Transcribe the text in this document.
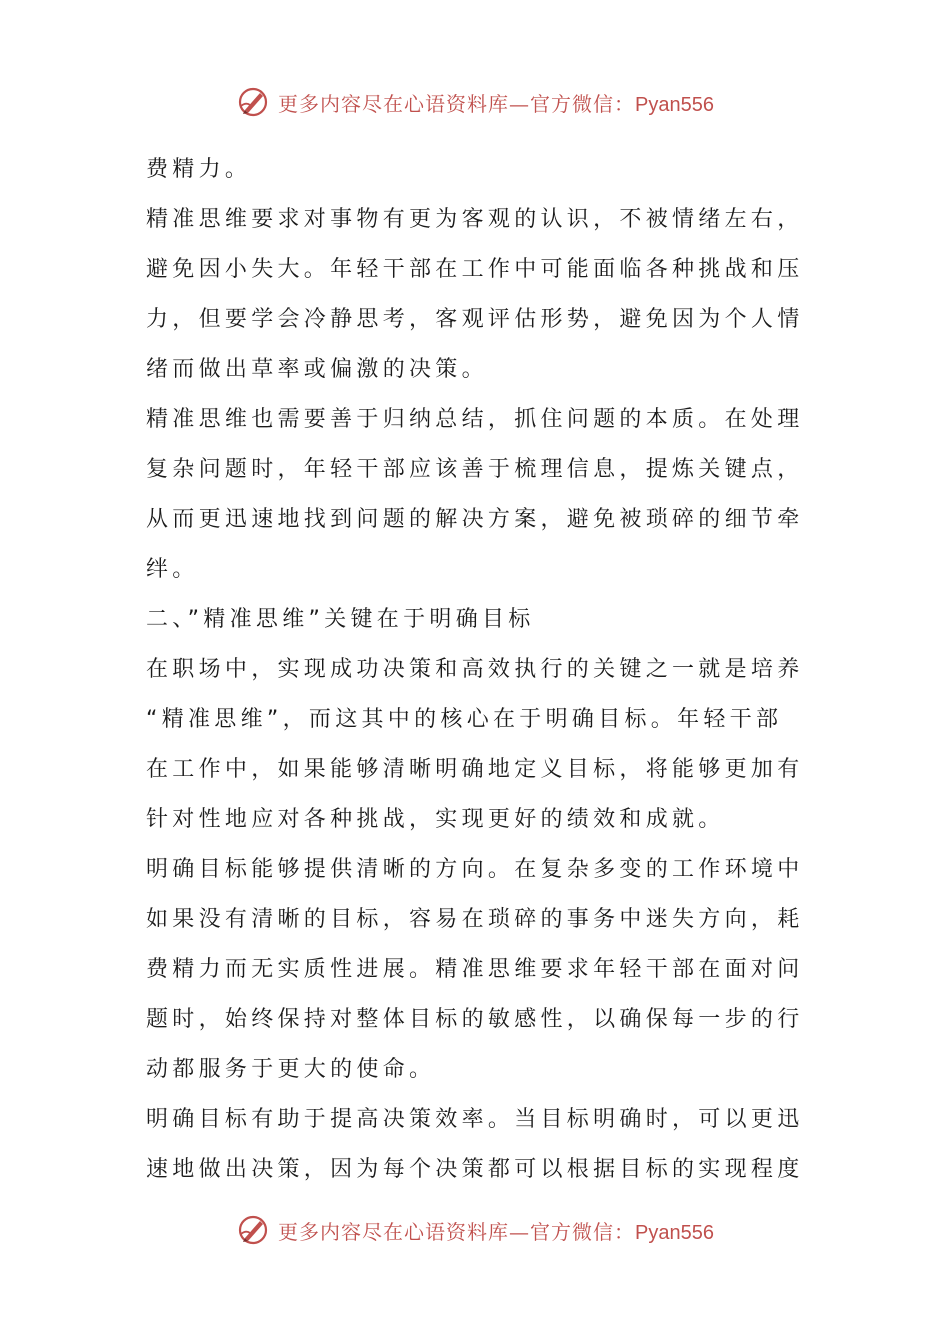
更多内容尽在心语资料库—官方微信：Pyan556
费精力。
精准思维要求对事物有更为客观的认识，不被情绪左右，
避免因小失大。年轻干部在工作中可能面临各种挑战和压
力，但要学会冷静思考，客观评估形势，避免因为个人情
绪而做出草率或偏激的决策。
精准思维也需要善于归纳总结，抓住问题的本质。在处理
复杂问题时，年轻干部应该善于梳理信息，提炼关键点，
从而更迅速地找到问题的解决方案，避免被琐碎的细节牵
绊。
二、”精准思维”关键在于明确目标
在职场中，实现成功决策和高效执行的关键之一就是培养
“精准思维”，而这其中的核心在于明确目标。年轻干部
在工作中，如果能够清晰明确地定义目标，将能够更加有
针对性地应对各种挑战，实现更好的绩效和成就。
明确目标能够提供清晰的方向。在复杂多变的工作环境中
如果没有清晰的目标，容易在琐碎的事务中迷失方向，耗
费精力而无实质性进展。精准思维要求年轻干部在面对问
题时，始终保持对整体目标的敏感性，以确保每一步的行
动都服务于更大的使命。
明确目标有助于提高决策效率。当目标明确时，可以更迅
速地做出决策，因为每个决策都可以根据目标的实现程度
更多内容尽在心语资料库—官方微信：Pyan556
